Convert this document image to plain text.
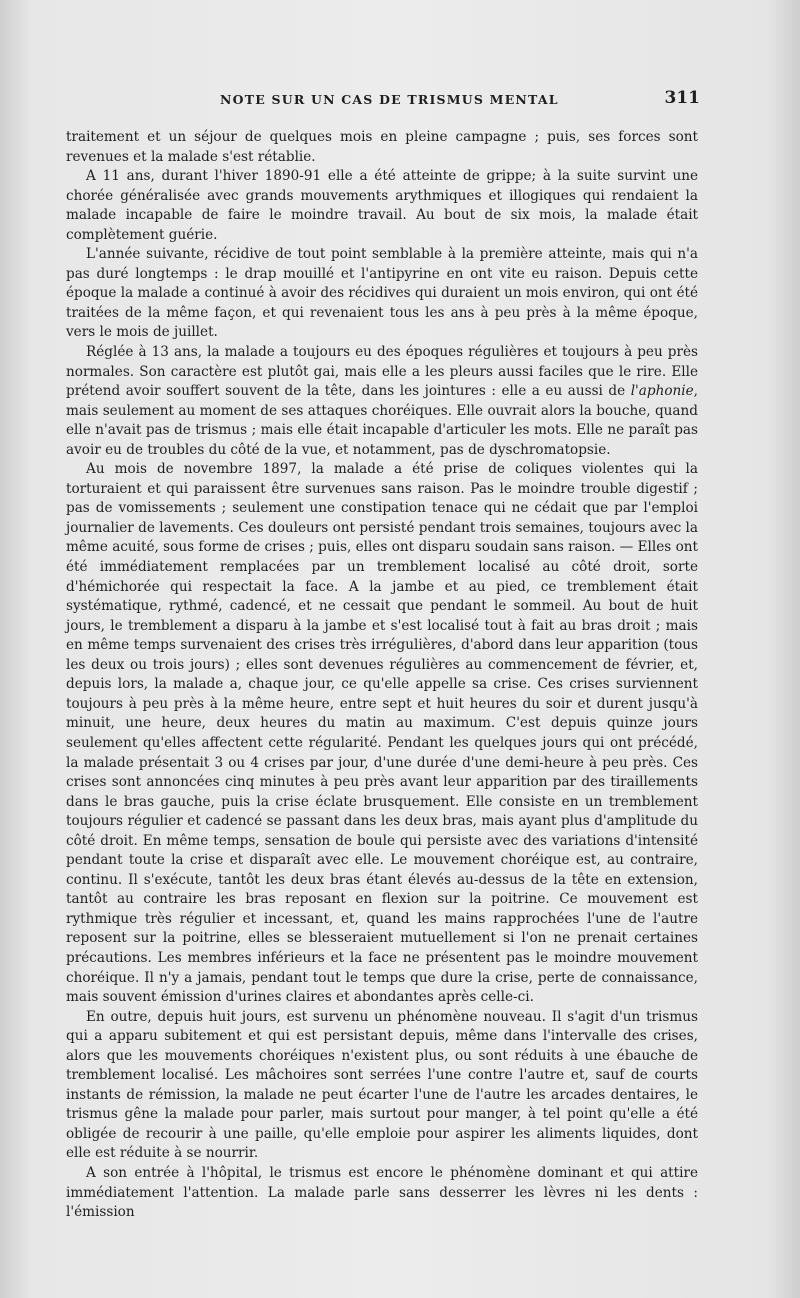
NOTE SUR UN CAS DE TRISMUS MENTAL	311

traitement et un séjour de quelques mois en pleine campagne ; puis, ses forces sont revenues et la malade s'est rétablie.

A 11 ans, durant l'hiver 1890-91 elle a été atteinte de grippe; à la suite survint une chorée généralisée avec grands mouvements arythmiques et illogiques qui rendaient la malade incapable de faire le moindre travail. Au bout de six mois, la malade était complètement guérie.

L'année suivante, récidive de tout point semblable à la première atteinte, mais qui n'a pas duré longtemps : le drap mouillé et l'antipyrine en ont vite eu raison. Depuis cette époque la malade a continué à avoir des récidives qui duraient un mois environ, qui ont été traitées de la même façon, et qui revenaient tous les ans à peu près à la même époque, vers le mois de juillet.

Réglée à 13 ans, la malade a toujours eu des époques régulières et toujours à peu près normales. Son caractère est plutôt gai, mais elle a les pleurs aussi faciles que le rire. Elle prétend avoir souffert souvent de la tête, dans les jointures : elle a eu aussi de l'aphonie, mais seulement au moment de ses attaques choréiques. Elle ouvrait alors la bouche, quand elle n'avait pas de trismus ; mais elle était incapable d'articuler les mots. Elle ne paraît pas avoir eu de troubles du côté de la vue, et notamment, pas de dyschromatopsie.

Au mois de novembre 1897, la malade a été prise de coliques violentes qui la torturaient et qui paraissent être survenues sans raison. Pas le moindre trouble digestif ; pas de vomissements ; seulement une constipation tenace qui ne cédait que par l'emploi journalier de lavements. Ces douleurs ont persisté pendant trois semaines, toujours avec la même acuité, sous forme de crises ; puis, elles ont disparu soudain sans raison. — Elles ont été immédiatement remplacées par un tremblement localisé au côté droit, sorte d'hémichorée qui respectait la face. A la jambe et au pied, ce tremblement était systématique, rythmé, cadencé, et ne cessait que pendant le sommeil. Au bout de huit jours, le tremblement a disparu à la jambe et s'est localisé tout à fait au bras droit ; mais en même temps survenaient des crises très irrégulières, d'abord dans leur apparition (tous les deux ou trois jours) ; elles sont devenues régulières au commencement de février, et, depuis lors, la malade a, chaque jour, ce qu'elle appelle sa crise. Ces crises surviennent toujours à peu près à la même heure, entre sept et huit heures du soir et durent jusqu'à minuit, une heure, deux heures du matin au maximum. C'est depuis quinze jours seulement qu'elles affectent cette régularité. Pendant les quelques jours qui ont précédé, la malade présentait 3 ou 4 crises par jour, d'une durée d'une demi-heure à peu près. Ces crises sont annoncées cinq minutes à peu près avant leur apparition par des tiraillements dans le bras gauche, puis la crise éclate brusquement. Elle consiste en un tremblement toujours régulier et cadencé se passant dans les deux bras, mais ayant plus d'amplitude du côté droit. En même temps, sensation de boule qui persiste avec des variations d'intensité pendant toute la crise et disparaît avec elle. Le mouvement choréique est, au contraire, continu. Il s'exécute, tantôt les deux bras étant élevés au-dessus de la tête en extension, tantôt au contraire les bras reposant en flexion sur la poitrine. Ce mouvement est rythmique très régulier et incessant, et, quand les mains rapprochées l'une de l'autre reposent sur la poitrine, elles se blesseraient mutuellement si l'on ne prenait certaines précautions. Les membres inférieurs et la face ne présentent pas le moindre mouvement choréique. Il n'y a jamais, pendant tout le temps que dure la crise, perte de connaissance, mais souvent émission d'urines claires et abondantes après celle-ci.

En outre, depuis huit jours, est survenu un phénomène nouveau. Il s'agit d'un trismus qui a apparu subitement et qui est persistant depuis, même dans l'intervalle des crises, alors que les mouvements choréiques n'existent plus, ou sont réduits à une ébauche de tremblement localisé. Les mâchoires sont serrées l'une contre l'autre et, sauf de courts instants de rémission, la malade ne peut écarter l'une de l'autre les arcades dentaires, le trismus gêne la malade pour parler, mais surtout pour manger, à tel point qu'elle a été obligée de recourir à une paille, qu'elle emploie pour aspirer les aliments liquides, dont elle est réduite à se nourrir.

A son entrée à l'hôpital, le trismus est encore le phénomène dominant et qui attire immédiatement l'attention. La malade parle sans desserrer les lèvres ni les dents : l'émission
